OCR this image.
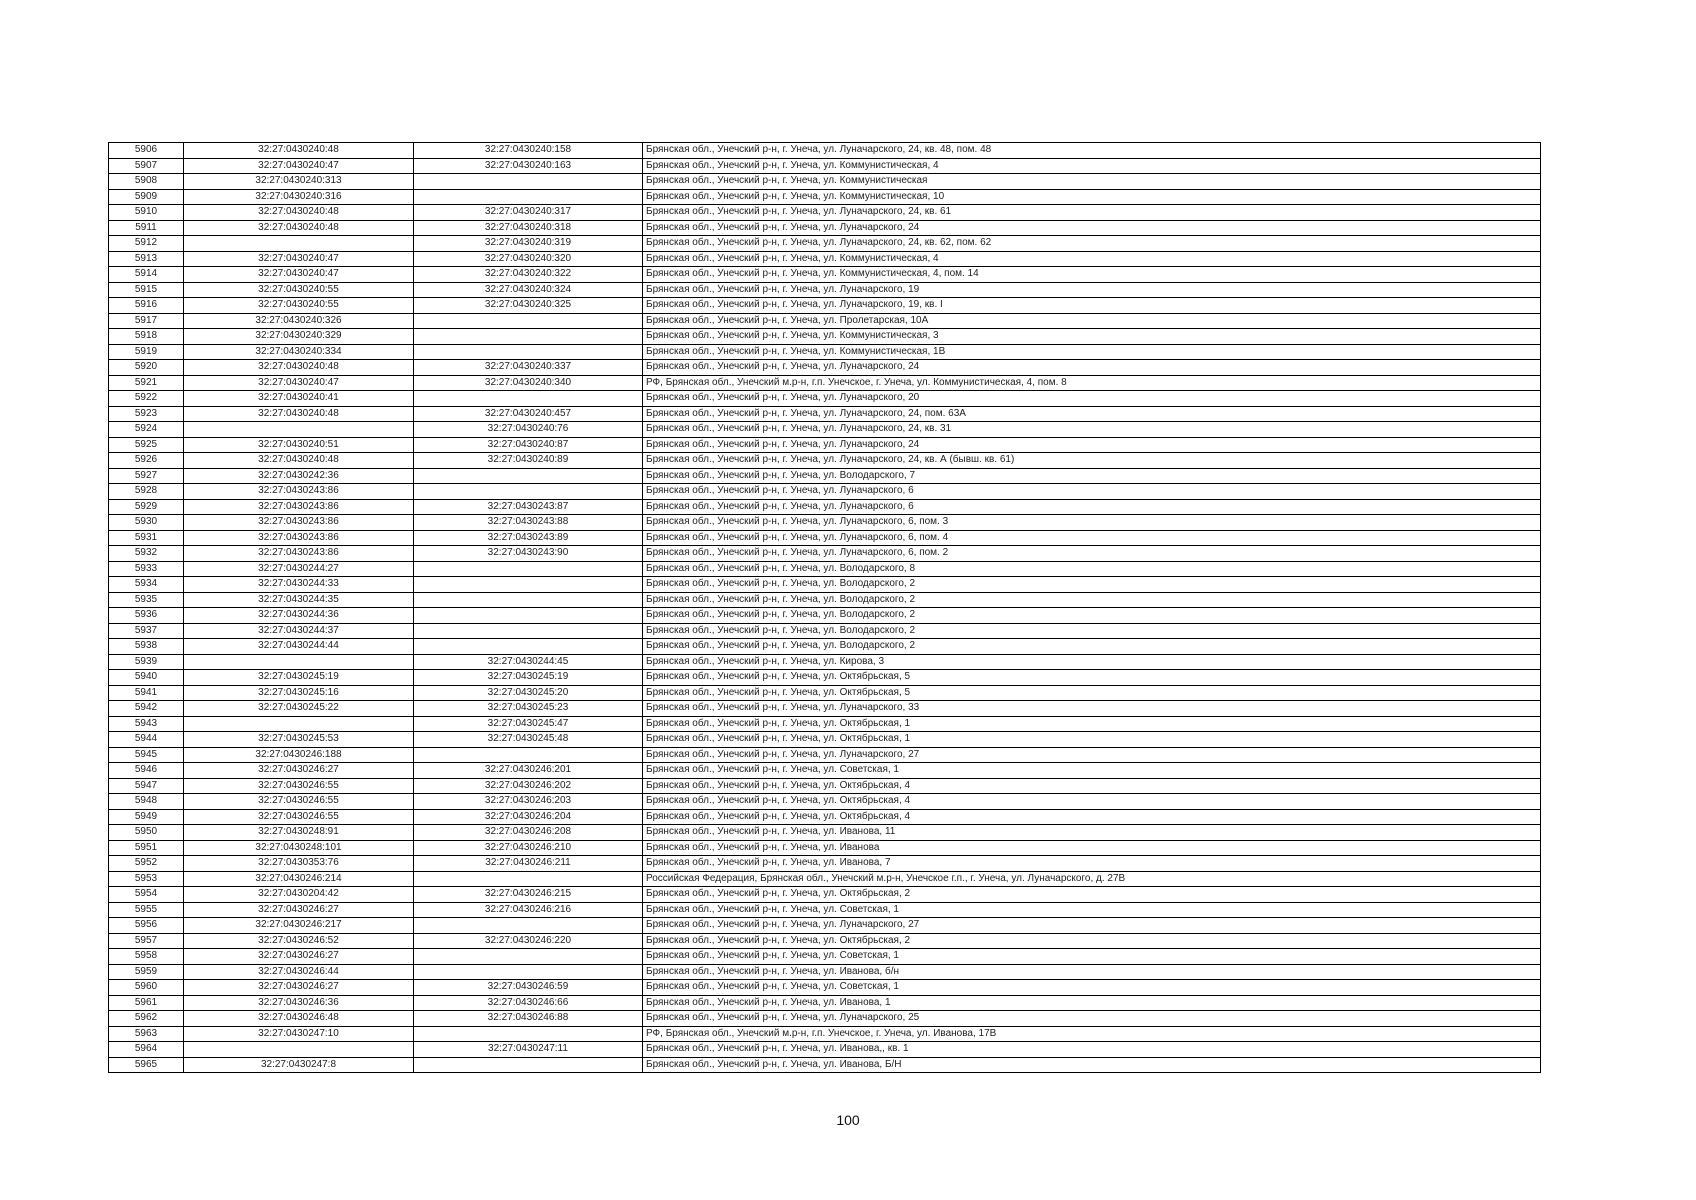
5906	32:27:0430240:48	32:27:0430240:158	Брянская обл., Унечский р-н, г. Унеча, ул. Луначарского, 24, кв. 48, пом. 48
5907	32:27:0430240:47	32:27:0430240:163	Брянская обл., Унечский р-н, г. Унеча, ул. Коммунистическая, 4
5908	32:27:0430240:313		Брянская обл., Унечский р-н, г. Унеча, ул. Коммунистическая
5909	32:27:0430240:316		Брянская обл., Унечский р-н, г. Унеча, ул. Коммунистическая, 10
5910	32:27:0430240:48	32:27:0430240:317	Брянская обл., Унечский р-н, г. Унеча, ул. Луначарского, 24, кв. 61
5911	32:27:0430240:48	32:27:0430240:318	Брянская обл., Унечский р-н, г. Унеча, ул. Луначарского, 24
5912		32:27:0430240:319	Брянская обл., Унечский р-н, г. Унеча, ул. Луначарского, 24, кв. 62, пом. 62
5913	32:27:0430240:47	32:27:0430240:320	Брянская обл., Унечский р-н, г. Унеча, ул. Коммунистическая, 4
5914	32:27:0430240:47	32:27:0430240:322	Брянская обл., Унечский р-н, г. Унеча, ул. Коммунистическая, 4, пом. 14
5915	32:27:0430240:55	32:27:0430240:324	Брянская обл., Унечский р-н, г. Унеча, ул. Луначарского, 19
5916	32:27:0430240:55	32:27:0430240:325	Брянская обл., Унечский р-н, г. Унеча, ул. Луначарского, 19, кв. I
5917	32:27:0430240:326		Брянская обл., Унечский р-н, г. Унеча, ул. Пролетарская, 10А
5918	32:27:0430240:329		Брянская обл., Унечский р-н, г. Унеча, ул. Коммунистическая, 3
5919	32:27:0430240:334		Брянская обл., Унечский р-н, г. Унеча, ул. Коммунистическая, 1В
5920	32:27:0430240:48	32:27:0430240:337	Брянская обл., Унечский р-н, г. Унеча, ул. Луначарского, 24
5921	32:27:0430240:47	32:27:0430240:340	РФ, Брянская обл., Унечский м.р-н, г.п. Унечское, г. Унеча, ул. Коммунистическая, 4, пом. 8
5922	32:27:0430240:41		Брянская обл., Унечский р-н, г. Унеча, ул. Луначарского, 20
5923	32:27:0430240:48	32:27:0430240:457	Брянская обл., Унечский р-н, г. Унеча, ул. Луначарского, 24, пом. 63А
5924		32:27:0430240:76	Брянская обл., Унечский р-н, г. Унеча, ул. Луначарского, 24, кв. 31
5925	32:27:0430240:51	32:27:0430240:87	Брянская обл., Унечский р-н, г. Унеча, ул. Луначарского, 24
5926	32:27:0430240:48	32:27:0430240:89	Брянская обл., Унечский р-н, г. Унеча, ул. Луначарского, 24, кв. А (бывш. кв. 61)
5927	32:27:0430242:36		Брянская обл., Унечский р-н, г. Унеча, ул. Володарского, 7
5928	32:27:0430243:86		Брянская обл., Унечский р-н, г. Унеча, ул. Луначарского, 6
5929	32:27:0430243:86	32:27:0430243:87	Брянская обл., Унечский р-н, г. Унеча, ул. Луначарского, 6
5930	32:27:0430243:86	32:27:0430243:88	Брянская обл., Унечский р-н, г. Унеча, ул. Луначарского, 6, пом. 3
5931	32:27:0430243:86	32:27:0430243:89	Брянская обл., Унечский р-н, г. Унеча, ул. Луначарского, 6, пом. 4
5932	32:27:0430243:86	32:27:0430243:90	Брянская обл., Унечский р-н, г. Унеча, ул. Луначарского, 6, пом. 2
5933	32:27:0430244:27		Брянская обл., Унечский р-н, г. Унеча, ул. Володарского, 8
5934	32:27:0430244:33		Брянская обл., Унечский р-н, г. Унеча, ул. Володарского, 2
5935	32:27:0430244:35		Брянская обл., Унечский р-н, г. Унеча, ул. Володарского, 2
5936	32:27:0430244:36		Брянская обл., Унечский р-н, г. Унеча, ул. Володарского, 2
5937	32:27:0430244:37		Брянская обл., Унечский р-н, г. Унеча, ул. Володарского, 2
5938	32:27:0430244:44		Брянская обл., Унечский р-н, г. Унеча, ул. Володарского, 2
5939		32:27:0430244:45	Брянская обл., Унечский р-н, г. Унеча, ул. Кирова, 3
5940	32:27:0430245:19	32:27:0430245:19	Брянская обл., Унечский р-н, г. Унеча, ул. Октябрьская, 5
5941	32:27:0430245:16	32:27:0430245:20	Брянская обл., Унечский р-н, г. Унеча, ул. Октябрьская, 5
5942	32:27:0430245:22	32:27:0430245:23	Брянская обл., Унечский р-н, г. Унеча, ул. Луначарского, 33
5943		32:27:0430245:47	Брянская обл., Унечский р-н, г. Унеча, ул. Октябрьская, 1
5944	32:27:0430245:53	32:27:0430245:48	Брянская обл., Унечский р-н, г. Унеча, ул. Октябрьская, 1
5945	32:27:0430246:188		Брянская обл., Унечский р-н, г. Унеча, ул. Луначарского, 27
5946	32:27:0430246:27	32:27:0430246:201	Брянская обл., Унечский р-н, г. Унеча, ул. Советская, 1
5947	32:27:0430246:55	32:27:0430246:202	Брянская обл., Унечский р-н, г. Унеча, ул. Октябрьская, 4
5948	32:27:0430246:55	32:27:0430246:203	Брянская обл., Унечский р-н, г. Унеча, ул. Октябрьская, 4
5949	32:27:0430246:55	32:27:0430246:204	Брянская обл., Унечский р-н, г. Унеча, ул. Октябрьская, 4
5950	32:27:0430248:91	32:27:0430246:208	Брянская обл., Унечский р-н, г. Унеча, ул. Иванова, 11
5951	32:27:0430248:101	32:27:0430246:210	Брянская обл., Унечский р-н, г. Унеча, ул. Иванова
5952	32:27:0430353:76	32:27:0430246:211	Брянская обл., Унечский р-н, г. Унеча, ул. Иванова, 7
5953	32:27:0430246:214		Российская Федерация, Брянская обл., Унечский м.р-н, Унечское г.п., г. Унеча, ул. Луначарского, д. 27В
5954	32:27:0430204:42	32:27:0430246:215	Брянская обл., Унечский р-н, г. Унеча, ул. Октябрьская, 2
5955	32:27:0430246:27	32:27:0430246:216	Брянская обл., Унечский р-н, г. Унеча, ул. Советская, 1
5956	32:27:0430246:217		Брянская обл., Унечский р-н, г. Унеча, ул. Луначарского, 27
5957	32:27:0430246:52	32:27:0430246:220	Брянская обл., Унечский р-н, г. Унеча, ул. Октябрьская, 2
5958	32:27:0430246:27		Брянская обл., Унечский р-н, г. Унеча, ул. Советская, 1
5959	32:27:0430246:44		Брянская обл., Унечский р-н, г. Унеча, ул. Иванова, б/н
5960	32:27:0430246:27	32:27:0430246:59	Брянская обл., Унечский р-н, г. Унеча, ул. Советская, 1
5961	32:27:0430246:36	32:27:0430246:66	Брянская обл., Унечский р-н, г. Унеча, ул. Иванова, 1
5962	32:27:0430246:48	32:27:0430246:88	Брянская обл., Унечский р-н, г. Унеча, ул. Луначарского, 25
5963	32:27:0430247:10		РФ, Брянская обл., Унечский м.р-н, г.п. Унечское, г. Унеча, ул. Иванова, 17В
5964		32:27:0430247:11	Брянская обл., Унечский р-н, г. Унеча, ул. Иванова,, кв. 1
5965	32:27:0430247:8		Брянская обл., Унечский р-н, г. Унеча, ул. Иванова, Б/Н
100
